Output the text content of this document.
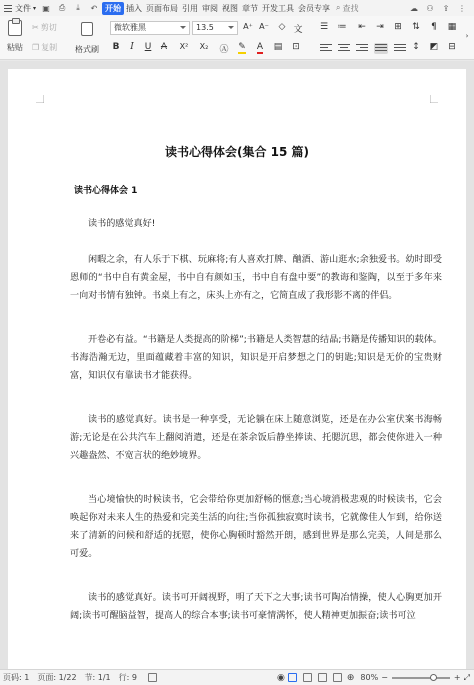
文件 ▾ ▣ ⎙	⤓	↶ 开始 插入 页面布局 引用 审阅 视图 章节 开发工具 会员专享 ⌕ 查找	☁ ⚇ ⇪ ⋮
粘贴
✂ 剪切
❐ 复制 格式刷
微软雅黑	13.5	A⁺ A⁻ ◇ 文
B	I	U	A	X²	X₂	Ⓐ ✎	A	▤ ⊡
☰ ≔ ⇤ ⇥ ⊞ ⇅	¶	▦
↕ ◩ ⊟
›
读书心得体会(集合 15 篇)
读书心得体会 1

读书的感觉真好!

闲暇之余，有人乐于下棋、玩麻将;有人喜欢打牌、酗酒、游山逛水;余独爱书。幼时即受恩师的“书中自有黄金屋，书中自有颜如玉，书中自有盘中要”的教诲和鉴陶，以至于多年来一向对书情有独钟。书桌上有之，床头上亦有之，它简直成了我形影不离的伴侣。

开卷必有益。“书籍是人类提高的阶梯”;书籍是人类智慧的结晶;书籍是传播知识的载体。书海浩瀚无边，里面蕴藏着丰富的知识，知识是开启梦想之门的钥匙;知识是无价的宝贵财富，知识仅有靠读书才能获得。

读书的感觉真好。读书是一种享受，无论躺在床上随意浏览，还是在办公室伏案书海畅游;无论是在公共汽车上翻阅消遣，还是在茶余饭后静坐捧读、托腮沉思，都会使你进入一种兴趣盎然、不宽言状的绝妙境界。

当心境愉快的时候读书，它会带给你更加舒畅的惬意;当心境消极悲观的时候读书，它会唤起你对未来人生的热爱和完美生活的向往;当你孤独寂寞时读书，它就像佳人乍到，给你送来了清新的问候和舒适的抚慰，使你心胸顿时豁然开朗，感到世界是那么完美，人间是那么可爱。

读书的感觉真好。读书可开阔视野，明了天下之大事;读书可陶冶情操，使人心胸更加开阔;读书可醒脑益智，提高人的综合本事;读书可豪情满怀，使人精神更加振奋;读书可泣

页码: 1 页面: 1/22 节: 1/1 行: 9	◉	⊕ 80% −	+ ⤢
